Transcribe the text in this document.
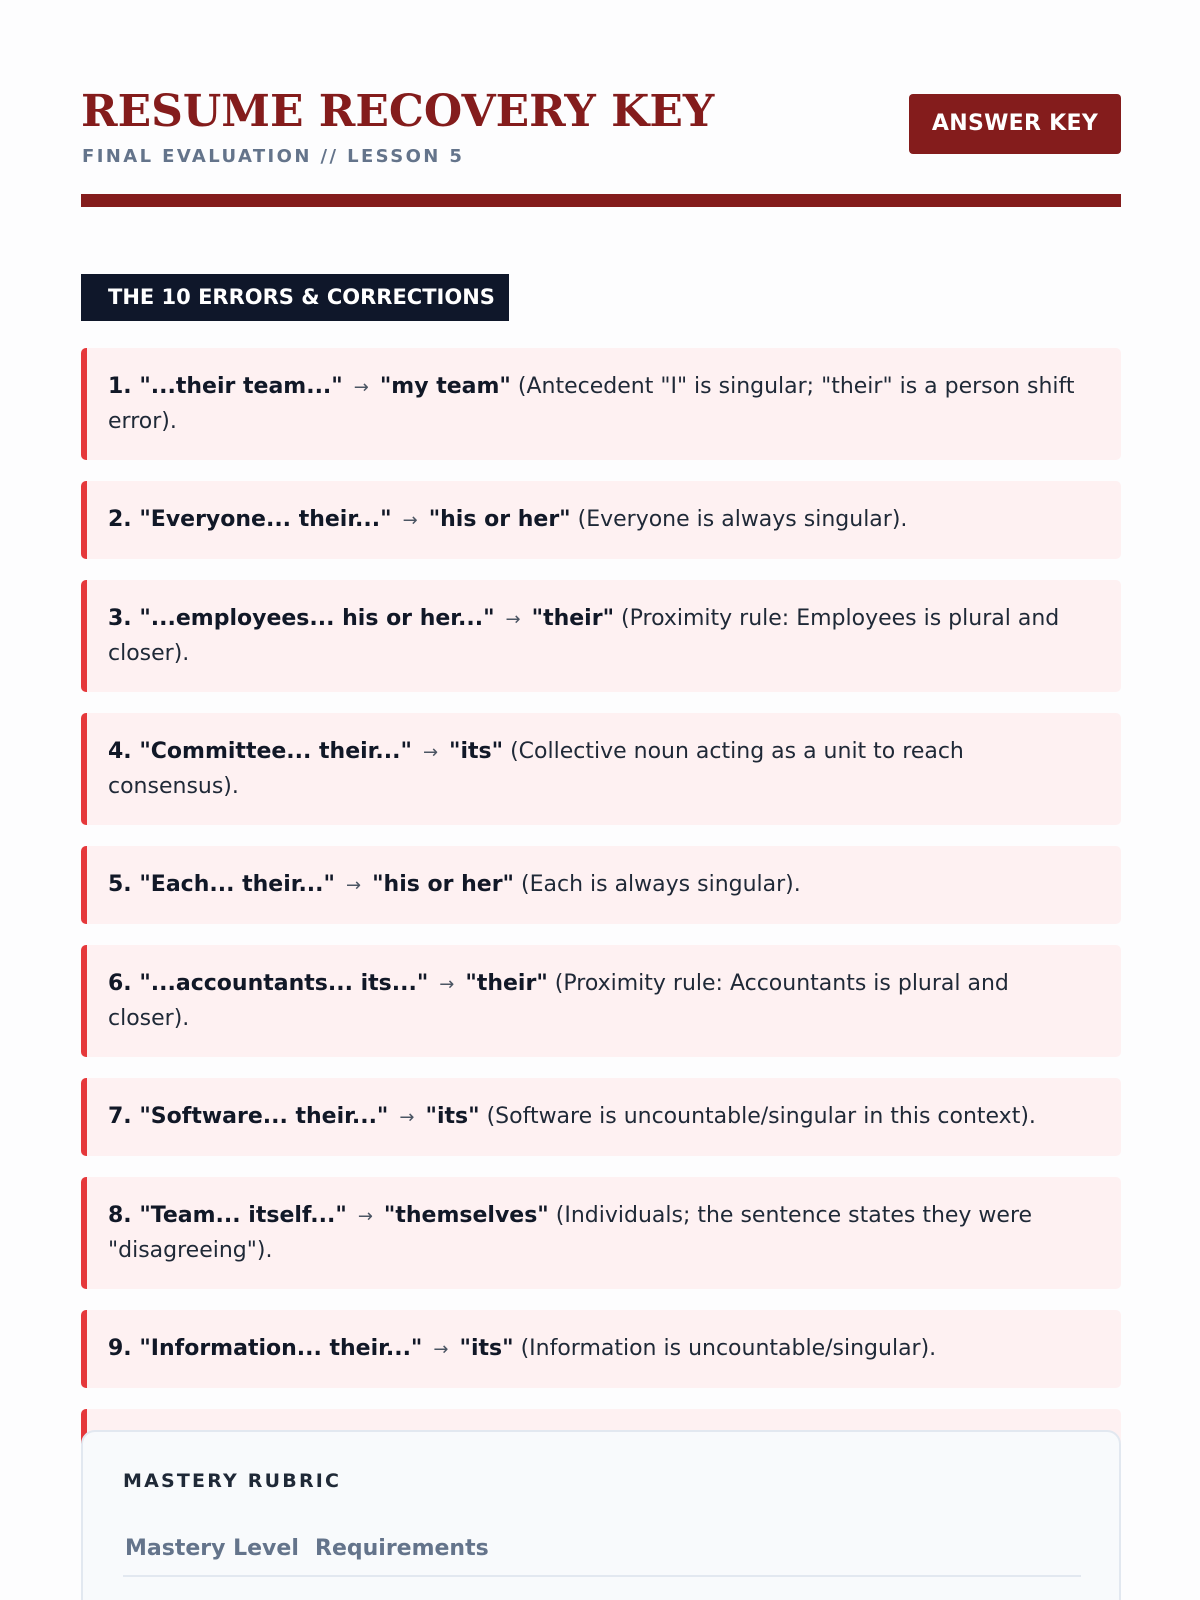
RESUME RECOVERY KEY
FINAL EVALUATION // LESSON 5
ANSWER KEY
THE 10 ERRORS & CORRECTIONS
1. "...their team..." → "my team" (Antecedent "I" is singular; "their" is a person shift error).
2. "Everyone... their..." → "his or her" (Everyone is always singular).
3. "...employees... his or her..." → "their" (Proximity rule: Employees is plural and closer).
4. "Committee... their..." → "its" (Collective noun acting as a unit to reach consensus).
5. "Each... their..." → "his or her" (Each is always singular).
6. "...accountants... its..." → "their" (Proximity rule: Accountants is plural and closer).
7. "Software... their..." → "its" (Software is uncountable/singular in this context).
8. "Team... itself..." → "themselves" (Individuals; the sentence states they were "disagreeing").
9. "Information... their..." → "its" (Information is uncountable/singular).
MASTERY RUBRIC
Mastery Level	Requirements
